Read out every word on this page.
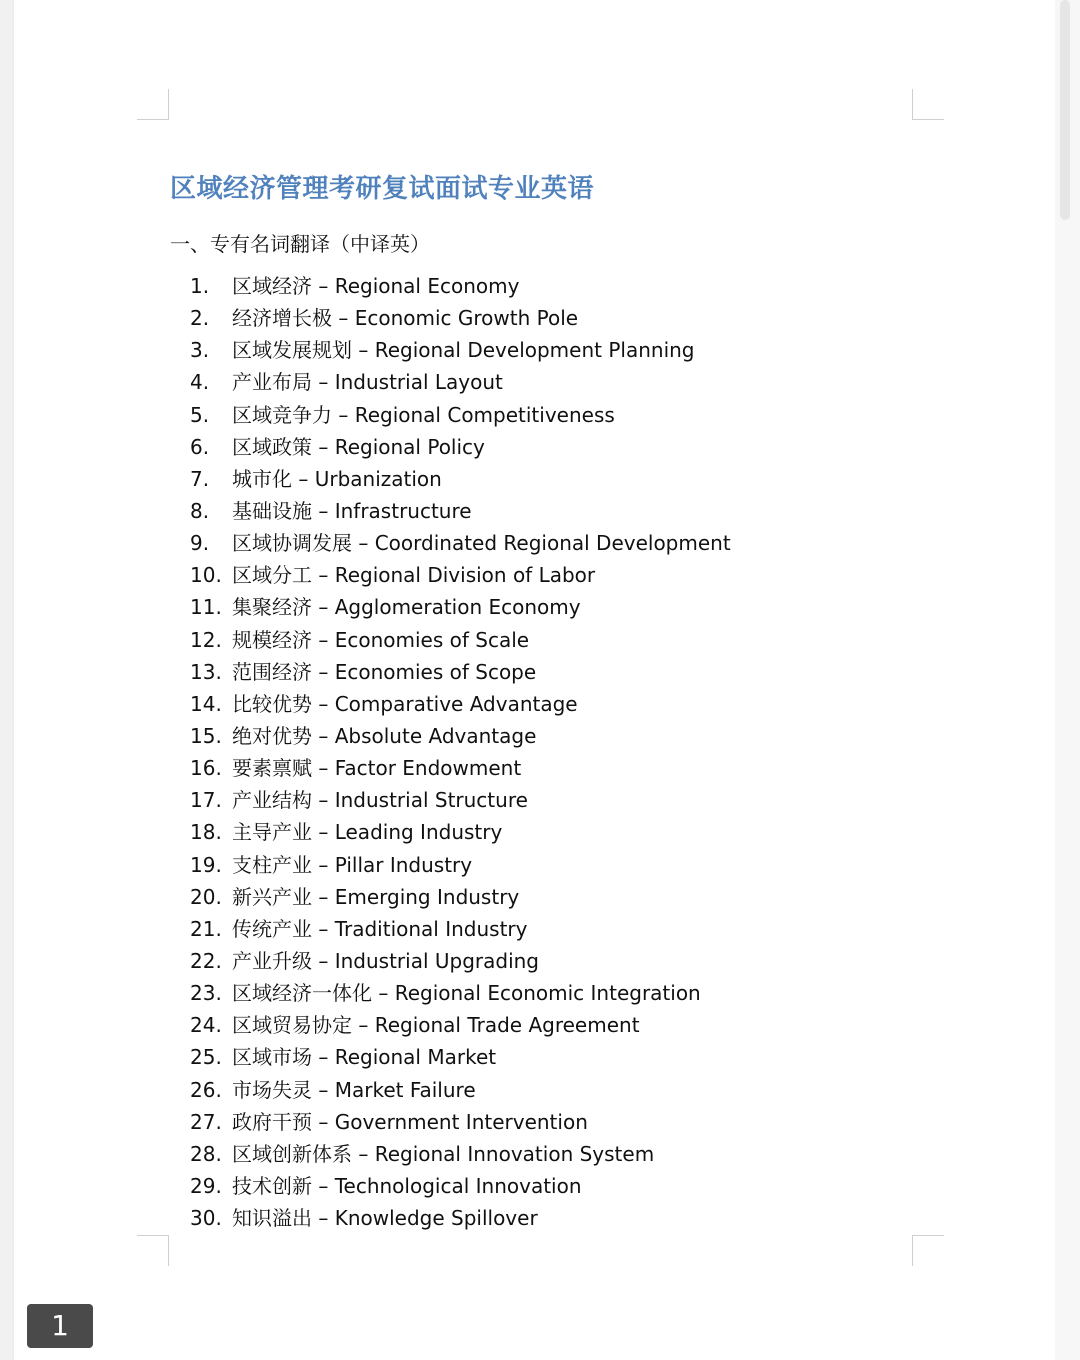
区域经济管理考研复试面试专业英语
一、专有名词翻译（中译英）
1. 区域经济 – Regional Economy
2. 经济增长极 – Economic Growth Pole
3. 区域发展规划 – Regional Development Planning
4. 产业布局 – Industrial Layout
5. 区域竞争力 – Regional Competitiveness
6. 区域政策 – Regional Policy
7. 城市化 – Urbanization
8. 基础设施 – Infrastructure
9. 区域协调发展 – Coordinated Regional Development
10. 区域分工 – Regional Division of Labor
11. 集聚经济 – Agglomeration Economy
12. 规模经济 – Economies of Scale
13. 范围经济 – Economies of Scope
14. 比较优势 – Comparative Advantage
15. 绝对优势 – Absolute Advantage
16. 要素禀赋 – Factor Endowment
17. 产业结构 – Industrial Structure
18. 主导产业 – Leading Industry
19. 支柱产业 – Pillar Industry
20. 新兴产业 – Emerging Industry
21. 传统产业 – Traditional Industry
22. 产业升级 – Industrial Upgrading
23. 区域经济一体化 – Regional Economic Integration
24. 区域贸易协定 – Regional Trade Agreement
25. 区域市场 – Regional Market
26. 市场失灵 – Market Failure
27. 政府干预 – Government Intervention
28. 区域创新体系 – Regional Innovation System
29. 技术创新 – Technological Innovation
30. 知识溢出 – Knowledge Spillover
1
